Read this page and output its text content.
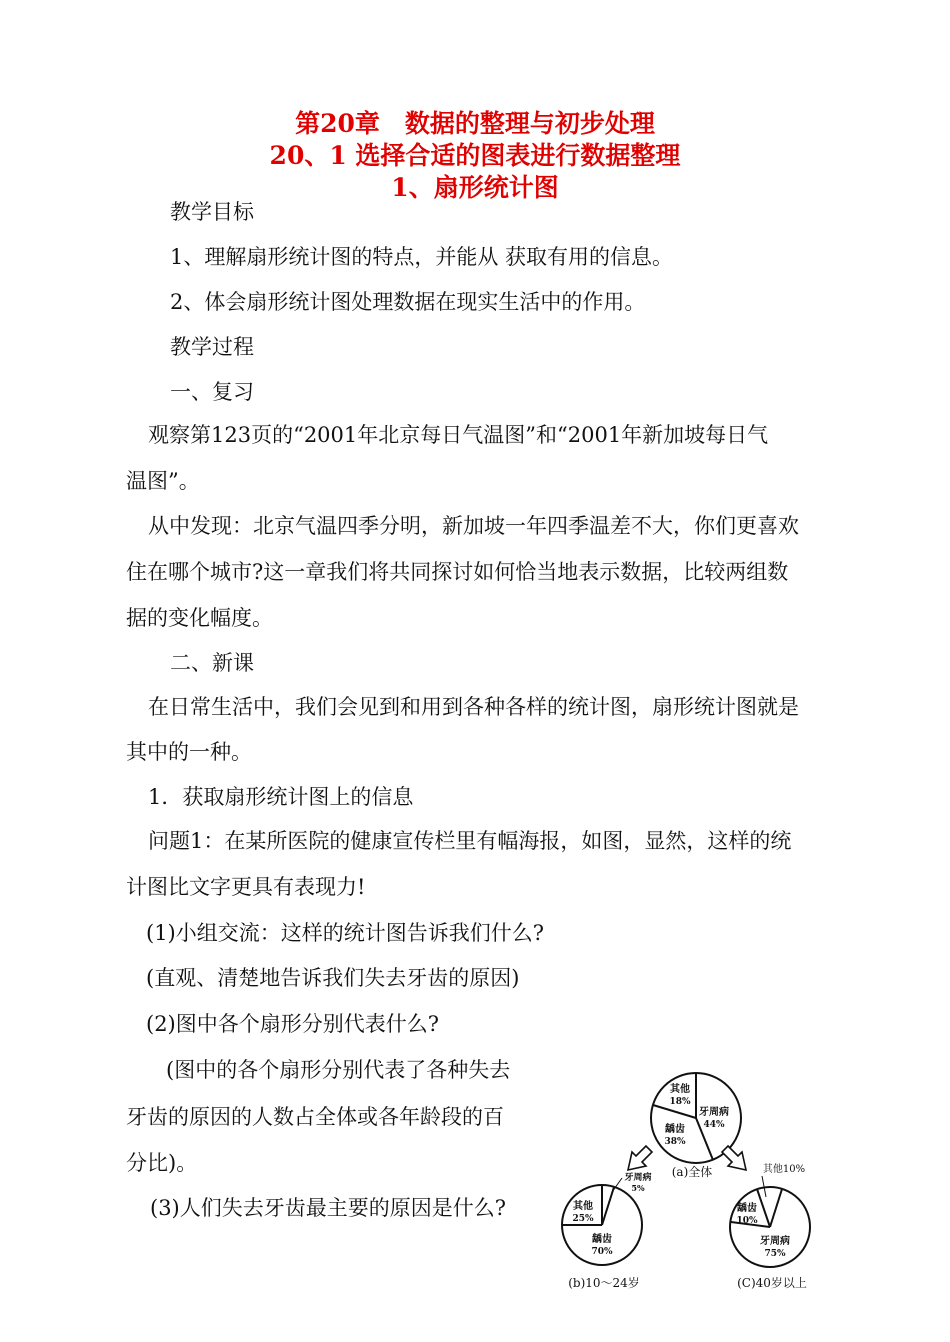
第20章　数据的整理与初步处理
20、1 选择合适的图表进行数据整理
1、扇形统计图

教学目标

1、理解扇形统计图的特点，并能从 获取有用的信息。

2、体会扇形统计图处理数据在现实生活中的作用。

教学过程

一、复习

观察第123页的“2001年北京每日气温图”和“2001年新加坡每日气

温图”。

从中发现：北京气温四季分明，新加坡一年四季温差不大，你们更喜欢

住在哪个城市?这一章我们将共同探讨如何恰当地表示数据，比较两组数

据的变化幅度。

二、新课

在日常生活中，我们会见到和用到各种各样的统计图，扇形统计图就是

其中的一种。

1．获取扇形统计图上的信息

问题1：在某所医院的健康宣传栏里有幅海报，如图，显然，这样的统

计图比文字更具有表现力!

(1)小组交流：这样的统计图告诉我们什么?

(直观、清楚地告诉我们失去牙齿的原因)

(2)图中各个扇形分别代表什么?

(图中的各个扇形分别代表了各种失去

牙齿的原因的人数占全体或各年龄段的百

分比)。

(3)人们失去牙齿最主要的原因是什么?

其他
18%
牙周病
44%
龋齿
38%
(a)全体
牙周病
5%
其他
25%
龋齿
70%
(b)10～24岁
其他10%
龋齿
10%
牙周病
75%
(C)40岁以上
